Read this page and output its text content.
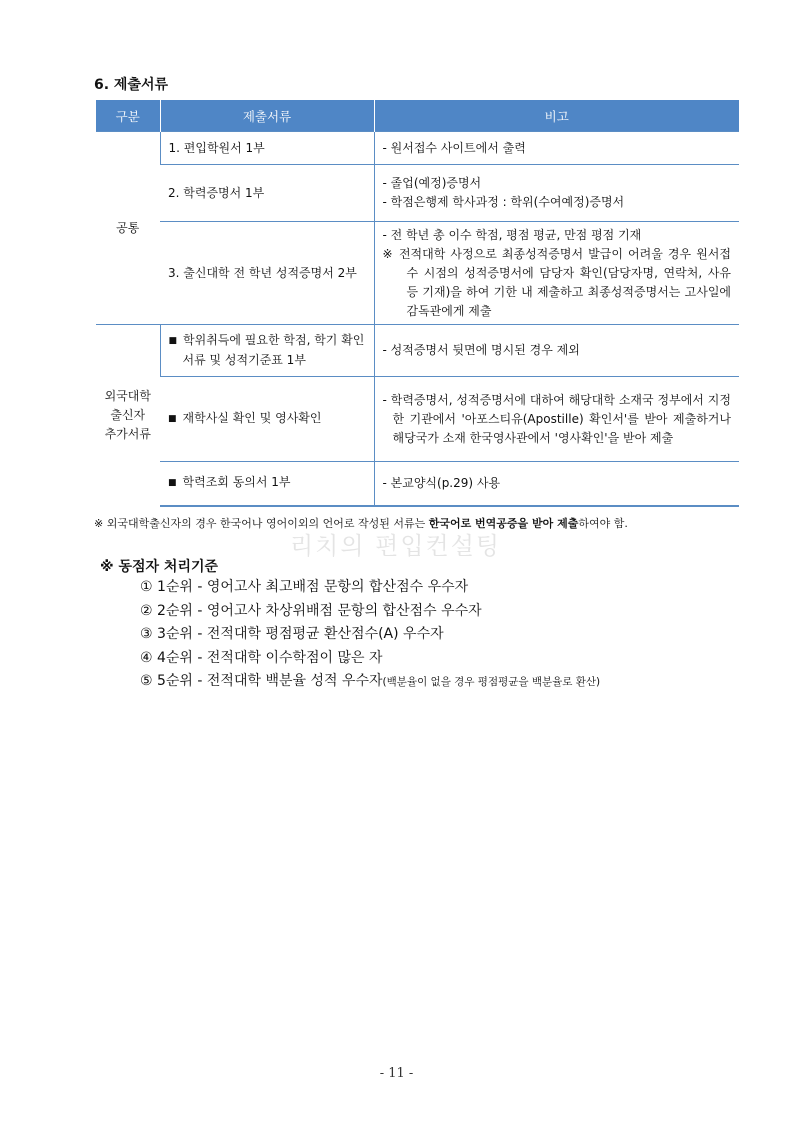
6. 제출서류
구분	제출서류	비고
공통	1. 편입학원서 1부	- 원서접수 사이트에서 출력

	2. 학력증명서 1부	- 졸업(예정)증명서
- 학점은행제 학사과정 : 학위(수여예정)증명서

	3. 출신대학 전 학년 성적증명서 2부	- 전 학년 총 이수 학점, 평점 평균, 만점 평점 기재
※ 전적대학 사정으로 최종성적증명서 발급이 어려울 경우 원서접수 시점의 성적증명서에 담당자 확인(담당자명, 연락처, 사유 등 기재)을 하여 기한 내 제출하고 최종성적증명서는 고사일에 감독관에게 제출

외국대학
출신자
추가서류	■ 학위취득에 필요한 학점, 학기 확인서류 및 성적기준표 1부	- 성적증명서 뒷면에 명시된 경우 제외

	■ 재학사실 확인 및 영사확인	- 학력증명서, 성적증명서에 대하여 해당대학 소재국 정부에서 지정한 기관에서 '아포스티유(Apostille) 확인서'를 받아 제출하거나 해당국가 소재 한국영사관에서 '영사확인'을 받아 제출

	■ 학력조회 동의서 1부	- 본교양식(p.29) 사용
※ 외국대학출신자의 경우 한국어나 영어이외의 언어로 작성된 서류는 한국어로 번역공증을 받아 제출하여야 함.
리치의 편입컨설팅
※ 동점자 처리기준
① 1순위 - 영어고사 최고배점 문항의 합산점수 우수자
② 2순위 - 영어고사 차상위배점 문항의 합산점수 우수자
③ 3순위 - 전적대학 평점평균 환산점수(A) 우수자
④ 4순위 - 전적대학 이수학점이 많은 자
⑤ 5순위 - 전적대학 백분율 성적 우수자(백분율이 없을 경우 평점평균을 백분율로 환산)
- 11 -
